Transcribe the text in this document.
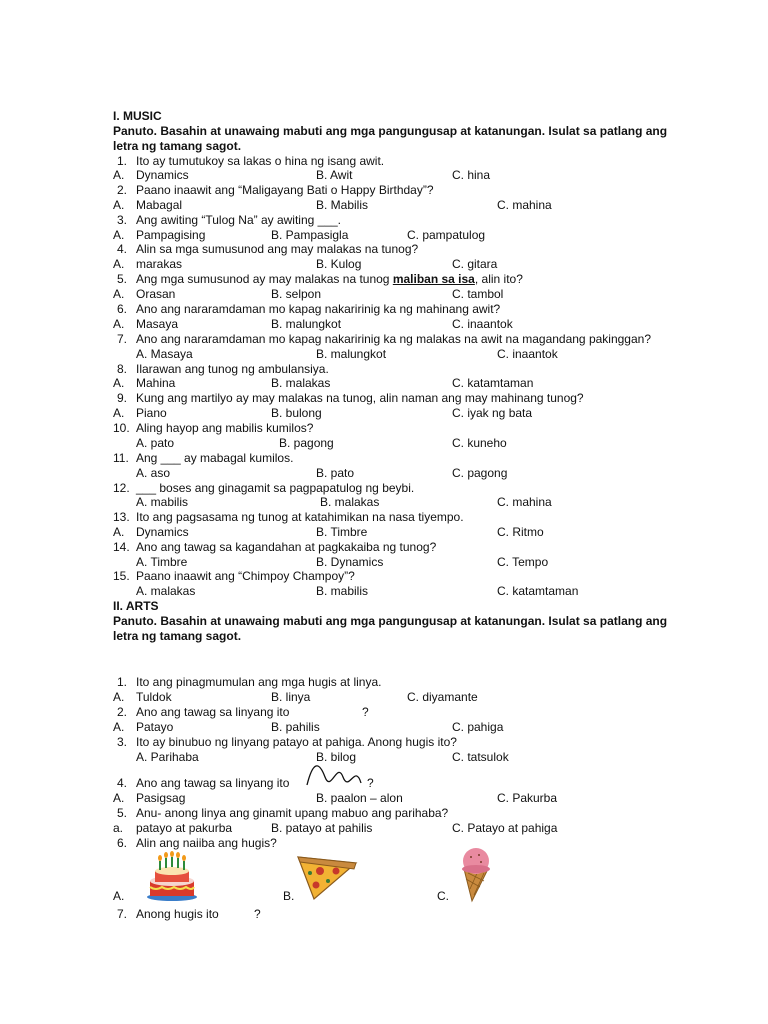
I. MUSIC
Panuto. Basahin at unawaing mabuti ang mga pangungusap at katanungan. Isulat sa patlang ang
letra ng tamang sagot.
1. Ito ay tumutukoy sa lakas o hina ng isang awit.
A. Dynamics	B. Awit	C. hina
2. Paano inaawit ang “Maligayang Bati o Happy Birthday”?
A. Mabagal	B. Mabilis	C. mahina
3. Ang awiting “Tulog Na” ay awiting ___.
A. Pampagising	B. Pampasigla	C. pampatulog
4. Alin sa mga sumusunod ang may malakas na tunog?
A. marakas	B. Kulog	C. gitara
5. Ang mga sumusunod ay may malakas na tunog maliban sa isa, alin ito?
A. Orasan	B. selpon	C. tambol
6. Ano ang nararamdaman mo kapag nakaririnig ka ng mahinang awit?
A. Masaya	B. malungkot	C. inaantok
7. Ano ang nararamdaman mo kapag nakaririnig ka ng malakas na awit na magandang pakinggan?
A. Masaya	B. malungkot	C. inaantok
8. Ilarawan ang tunog ng ambulansiya.
A. Mahina	B. malakas	C. katamtaman
9. Kung ang martilyo ay may malakas na tunog, alin naman ang may mahinang tunog?
A. Piano	B. bulong	C. iyak ng bata
10. Aling hayop ang mabilis kumilos?
A. pato	B. pagong	C. kuneho
11. Ang ___ ay mabagal kumilos.
A. aso	B. pato	C. pagong
12. ___ boses ang ginagamit sa pagpapatulog ng beybi.
A. mabilis	B. malakas	C. mahina
13. Ito ang pagsasama ng tunog at katahimikan na nasa tiyempo.
A. Dynamics	B. Timbre	C. Ritmo
14. Ano ang tawag sa kagandahan at pagkakaiba ng tunog?
A. Timbre	B. Dynamics	C. Tempo
15. Paano inaawit ang “Chimpoy Champoy”?
A. malakas	B. mabilis	C. katamtaman
II. ARTS
Panuto. Basahin at unawaing mabuti ang mga pangungusap at katanungan. Isulat sa patlang ang
letra ng tamang sagot.
1. Ito ang pinagmumulan ang mga hugis at linya.
A. Tuldok	B. linya	C. diyamante
2. Ano ang tawag sa linyang ito	?
A. Patayo	B. pahilis	C. pahiga
3. Ito ay binubuo ng linyang patayo at pahiga. Anong hugis ito?
A. Parihaba	B. bilog	C. tatsulok
4. Ano ang tawag sa linyang ito	?
A. Pasigsag	B. paalon – alon	C. Pakurba
5. Anu- anong linya ang ginamit upang mabuo ang parihaba?
a. patayo at pakurba	B. patayo at pahilis	C. Patayo at pahiga
6. Alin ang naiiba ang hugis?
A.	B.	C.
7. Anong hugis ito	?
